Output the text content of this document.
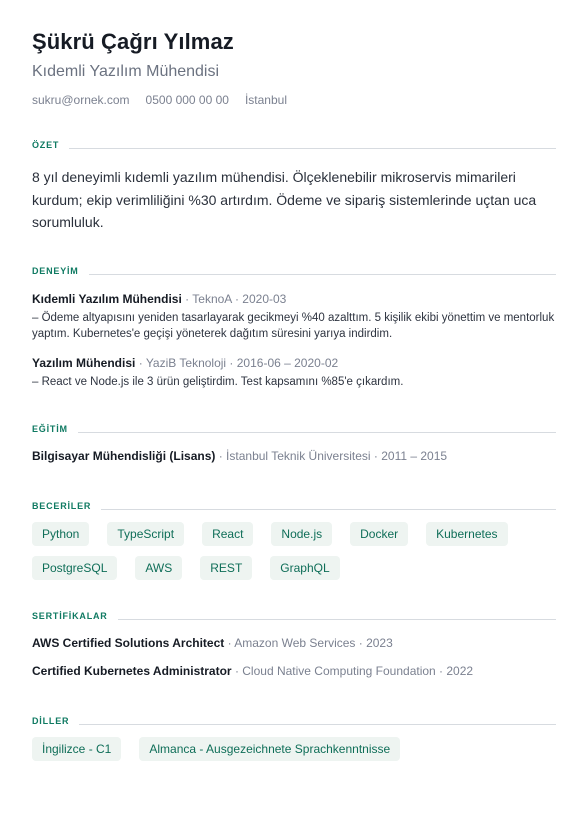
Şükrü Çağrı Yılmaz
Kıdemli Yazılım Mühendisi
sukru@ornek.com 0500 000 00 00 İstanbul
ÖZET
8 yıl deneyimli kıdemli yazılım mühendisi. Ölçeklenebilir mikroservis mimarileri kurdum; ekip verimliliğini %30 artırdım. Ödeme ve sipariş sistemlerinde uçtan uca sorumluluk.
DENEYİM
Kıdemli Yazılım Mühendisi · TeknoA · 2020-03
– Ödeme altyapısını yeniden tasarlayarak gecikmeyi %40 azalttım. 5 kişilik ekibi yönettim ve mentorluk yaptım. Kubernetes'e geçişi yöneterek dağıtım süresini yarıya indirdim.
Yazılım Mühendisi · YaziB Teknoloji · 2016-06 – 2020-02
– React ve Node.js ile 3 ürün geliştirdim. Test kapsamını %85'e çıkardım.
EĞİTİM
Bilgisayar Mühendisliği (Lisans) · İstanbul Teknik Üniversitesi · 2011 – 2015
BECERİLER
Python	TypeScript	React	Node.js	Docker	Kubernetes
PostgreSQL	AWS	REST	GraphQL
SERTİFİKALAR
AWS Certified Solutions Architect · Amazon Web Services · 2023
Certified Kubernetes Administrator · Cloud Native Computing Foundation · 2022
DİLLER
İngilizce - C1	Almanca - Ausgezeichnete Sprachkenntnisse
